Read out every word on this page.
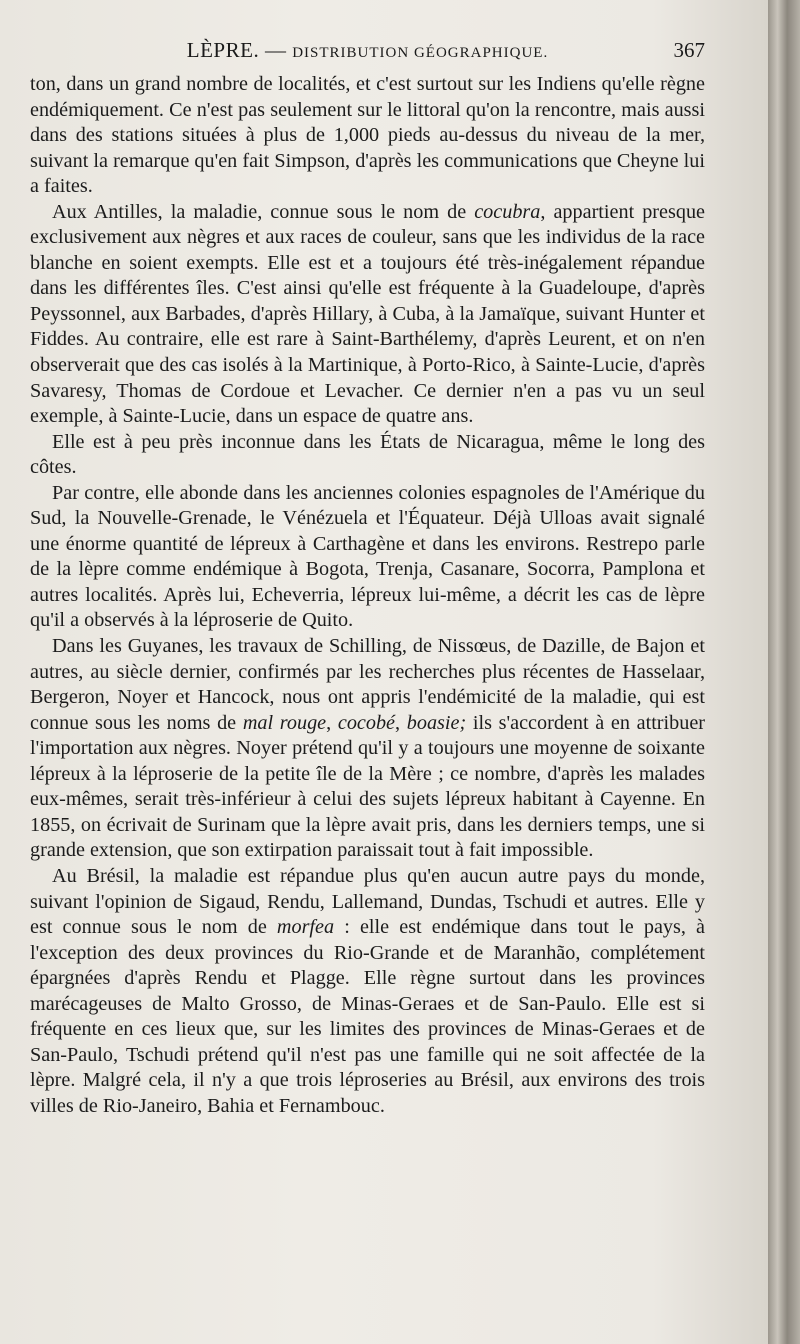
LÈPRE. — DISTRIBUTION GÉOGRAPHIQUE.	367

ton, dans un grand nombre de localités, et c'est surtout sur les Indiens qu'elle règne endémiquement. Ce n'est pas seulement sur le littoral qu'on la rencontre, mais aussi dans des stations situées à plus de 1,000 pieds au-dessus du niveau de la mer, suivant la remarque qu'en fait Simpson, d'après les communications que Cheyne lui a faites.

Aux Antilles, la maladie, connue sous le nom de cocubra, appartient presque exclusivement aux nègres et aux races de couleur, sans que les individus de la race blanche en soient exempts. Elle est et a toujours été très-inégalement répandue dans les différentes îles. C'est ainsi qu'elle est fréquente à la Guadeloupe, d'après Peyssonnel, aux Barbades, d'après Hillary, à Cuba, à la Jamaïque, suivant Hunter et Fiddes. Au contraire, elle est rare à Saint-Barthélemy, d'après Leurent, et on n'en observerait que des cas isolés à la Martinique, à Porto-Rico, à Sainte-Lucie, d'après Savaresy, Thomas de Cordoue et Levacher. Ce dernier n'en a pas vu un seul exemple, à Sainte-Lucie, dans un espace de quatre ans.

Elle est à peu près inconnue dans les États de Nicaragua, même le long des côtes.

Par contre, elle abonde dans les anciennes colonies espagnoles de l'Amérique du Sud, la Nouvelle-Grenade, le Vénézuela et l'Équateur. Déjà Ulloas avait signalé une énorme quantité de lépreux à Carthagène et dans les environs. Restrepo parle de la lèpre comme endémique à Bogota, Trenja, Casanare, Socorra, Pamplona et autres localités. Après lui, Echeverria, lépreux lui-même, a décrit les cas de lèpre qu'il a observés à la léproserie de Quito.

Dans les Guyanes, les travaux de Schilling, de Nissœus, de Dazille, de Bajon et autres, au siècle dernier, confirmés par les recherches plus récentes de Hasselaar, Bergeron, Noyer et Hancock, nous ont appris l'endémicité de la maladie, qui est connue sous les noms de mal rouge, cocobé, boasie; ils s'accordent à en attribuer l'importation aux nègres. Noyer prétend qu'il y a toujours une moyenne de soixante lépreux à la léproserie de la petite île de la Mère ; ce nombre, d'après les malades eux-mêmes, serait très-inférieur à celui des sujets lépreux habitant à Cayenne. En 1855, on écrivait de Surinam que la lèpre avait pris, dans les derniers temps, une si grande extension, que son extirpation paraissait tout à fait impossible.

Au Brésil, la maladie est répandue plus qu'en aucun autre pays du monde, suivant l'opinion de Sigaud, Rendu, Lallemand, Dundas, Tschudi et autres. Elle y est connue sous le nom de morfea : elle est endémique dans tout le pays, à l'exception des deux provinces du Rio-Grande et de Maranhão, complétement épargnées d'après Rendu et Plagge. Elle règne surtout dans les provinces marécageuses de Malto Grosso, de Minas-Geraes et de San-Paulo. Elle est si fréquente en ces lieux que, sur les limites des provinces de Minas-Geraes et de San-Paulo, Tschudi prétend qu'il n'est pas une famille qui ne soit affectée de la lèpre. Malgré cela, il n'y a que trois léproseries au Brésil, aux environs des trois villes de Rio-Janeiro, Bahia et Fernambouc.
